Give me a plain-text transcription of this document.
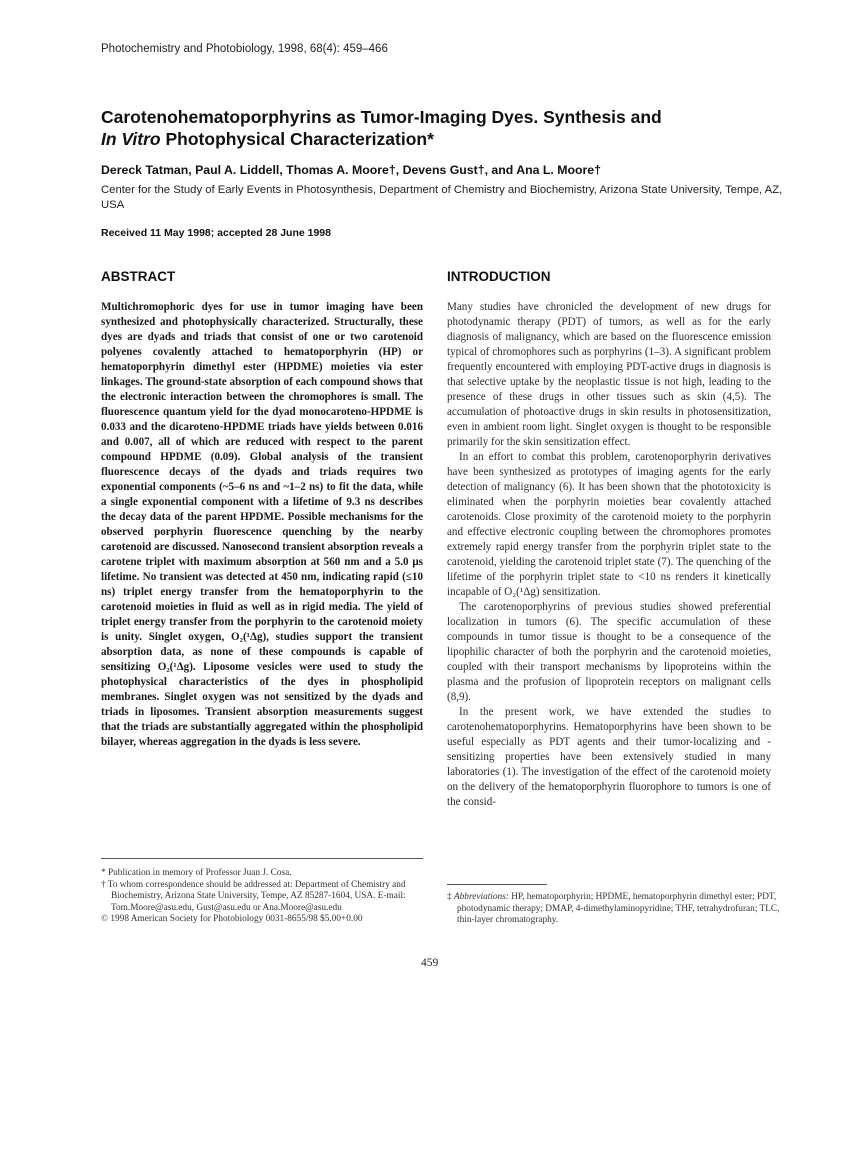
Photochemistry and Photobiology, 1998, 68(4): 459–466
Carotenohematoporphyrins as Tumor-Imaging Dyes. Synthesis and
In Vitro Photophysical Characterization*
Dereck Tatman, Paul A. Liddell, Thomas A. Moore†, Devens Gust†, and Ana L. Moore†
Center for the Study of Early Events in Photosynthesis, Department of Chemistry and Biochemistry, Arizona State University, Tempe, AZ, USA
Received 11 May 1998; accepted 28 June 1998
ABSTRACT	INTRODUCTION
Multichromophoric dyes for use in tumor imaging have been synthesized and photophysically characterized. Structurally, these dyes are dyads and triads that consist of one or two carotenoid polyenes covalently attached to hematoporphyrin (HP) or hematoporphyrin dimethyl ester (HPDME) moieties via ester linkages. The ground-state absorption of each compound shows that the electronic interaction between the chromophores is small. The fluorescence quantum yield for the dyad monocaroteno-HPDME is 0.033 and the dicaroteno-HPDME triads have yields between 0.016 and 0.007, all of which are reduced with respect to the parent compound HPDME (0.09). Global analysis of the transient fluorescence decays of the dyads and triads requires two exponential components (~5–6 ns and ~1–2 ns) to fit the data, while a single exponential component with a lifetime of 9.3 ns describes the decay data of the parent HPDME. Possible mechanisms for the observed porphyrin fluorescence quenching by the nearby carotenoid are discussed. Nanosecond transient absorption reveals a carotene triplet with maximum absorption at 560 nm and a 5.0 μs lifetime. No transient was detected at 450 nm, indicating rapid (≤10 ns) triplet energy transfer from the hematoporphyrin to the carotenoid moieties in fluid as well as in rigid media. The yield of triplet energy transfer from the porphyrin to the carotenoid moiety is unity. Singlet oxygen, O₂(¹Δg), studies support the transient absorption data, as none of these compounds is capable of sensitizing O₂(¹Δg). Liposome vesicles were used to study the photophysical characteristics of the dyes in phospholipid membranes. Singlet oxygen was not sensitized by the dyads and triads in liposomes. Transient absorption measurements suggest that the triads are substantially aggregated within the phospholipid bilayer, whereas aggregation in the dyads is less severe.

Many studies have chronicled the development of new drugs for photodynamic therapy (PDT) of tumors, as well as for the early diagnosis of malignancy, which are based on the fluorescence emission typical of chromophores such as porphyrins (1–3). A significant problem frequently encountered with employing PDT-active drugs in diagnosis is that selective uptake by the neoplastic tissue is not high, leading to the presence of these drugs in other tissues such as skin (4,5). The accumulation of photoactive drugs in skin results in photosensitization, even in ambient room light. Singlet oxygen is thought to be responsible primarily for the skin sensitization effect.

In an effort to combat this problem, carotenoporphyrin derivatives have been synthesized as prototypes of imaging agents for the early detection of malignancy (6). It has been shown that the phototoxicity is eliminated when the porphyrin moieties bear covalently attached carotenoids. Close proximity of the carotenoid moiety to the porphyrin and effective electronic coupling between the chromophores promotes extremely rapid energy transfer from the porphyrin triplet state to the carotenoid, yielding the carotenoid triplet state (7). The quenching of the lifetime of the porphyrin triplet state to <10 ns renders it kinetically incapable of O₂(¹Δg) sensitization.

The carotenoporphyrins of previous studies showed preferential localization in tumors (6). The specific accumulation of these compounds in tumor tissue is thought to be a consequence of the lipophilic character of both the porphyrin and the carotenoid moieties, coupled with their transport mechanisms by lipoproteins within the plasma and the profusion of lipoprotein receptors on malignant cells (8,9).

In the present work, we have extended the studies to carotenohematoporphyrins. Hematoporphyrins have been shown to be useful especially as PDT agents and their tumor-localizing and -sensitizing properties have been extensively studied in many laboratories (1). The investigation of the effect of the carotenoid moiety on the delivery of the hematoporphyrin fluorophore to tumors is one of the consid-

* Publication in memory of Professor Juan J. Cosa.
† To whom correspondence should be addressed at: Department of Chemistry and Biochemistry, Arizona State University, Tempe, AZ 85287-1604, USA. E-mail: Tom.Moore@asu.edu, Gust@asu.edu or Ana.Moore@asu.edu
© 1998 American Society for Photobiology 0031-8655/98 $5.00+0.00
‡ Abbreviations: HP, hematoporphyrin; HPDME, hematoporphyrin dimethyl ester; PDT, photodynamic therapy; DMAP, 4-dimethylaminopyridine; THF, tetrahydrofuran; TLC, thin-layer chromatography.
459
